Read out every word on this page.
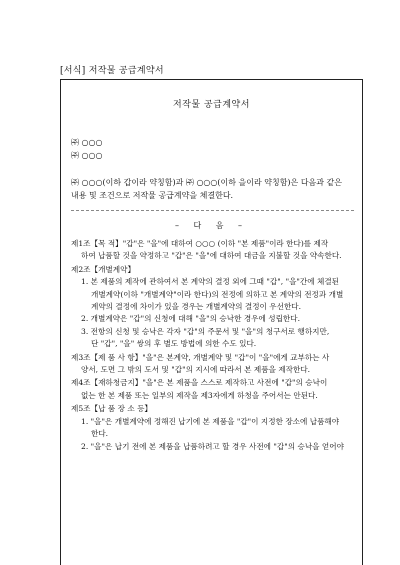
[서식] 저작물 공급계약서
저작물 공급계약서
㈜ ○○○
㈜ ○○○
㈜ ○○○(이하 갑이라 약칭함)과 ㈜ ○○○(이하 을이라 약칭함)은 다음과 같은
내용 및 조건으로 저작물 공급계약을 체결한다.
– 다 음 –
제1조【목 적】"갑"은 "을"에 대하여 ○○○ (이하 "본 제품"이라 한다)를 제작
하여 납품할 것을 약정하고 "갑"은 "을"에 대하여 대금을 지불할 것을 약속한다.
제2조【개별계약】
1. 본 제품의 제작에 관하여서 본 계약의 결정 외에 그때 "갑", "을"간에 체결된
개별계약(이하 "개별계약"이라 한다)의 전정에 의하고 본 계약의 전정과 개별
계약의 결정에 차이가 있을 경우는 개별계약의 결정이 우선한다.
2. 개별계약은 "갑"의 신청에 대해 "을"의 승낙한 경우에 성립한다.
3. 전항의 신청 및 승낙은 각자 "갑"의 주문서 및 "을"의 청구서로 행하지만,
단 "갑", "을" 쌍의 후 별도 방법에 의한 수도 있다.
제3조【제 품 사 항】"을"은 본계약, 개별계약 및 "갑"이 "을"에게 교부하는 사
양서, 도면 그 밖의 도서 및 "갑"의 지시에 따라서 본 제품을 제작한다.
제4조【재하청금지】"을"은 본 제품을 스스로 제작하고 사전에 "갑"의 승낙이
없는 한 본 제품 또는 일부의 제작을 제3자에게 하청을 주어서는 안된다.
제5조【납 품 장 소 등】
1. "을"은 개별계약에 정해진 납기에 본 제품을 "갑"이 지정한 장소에 납품해야
한다.
2. "을"은 납기 전에 본 제품을 납품하려고 할 경우 사전에 "갑"의 승낙을 얻어야
